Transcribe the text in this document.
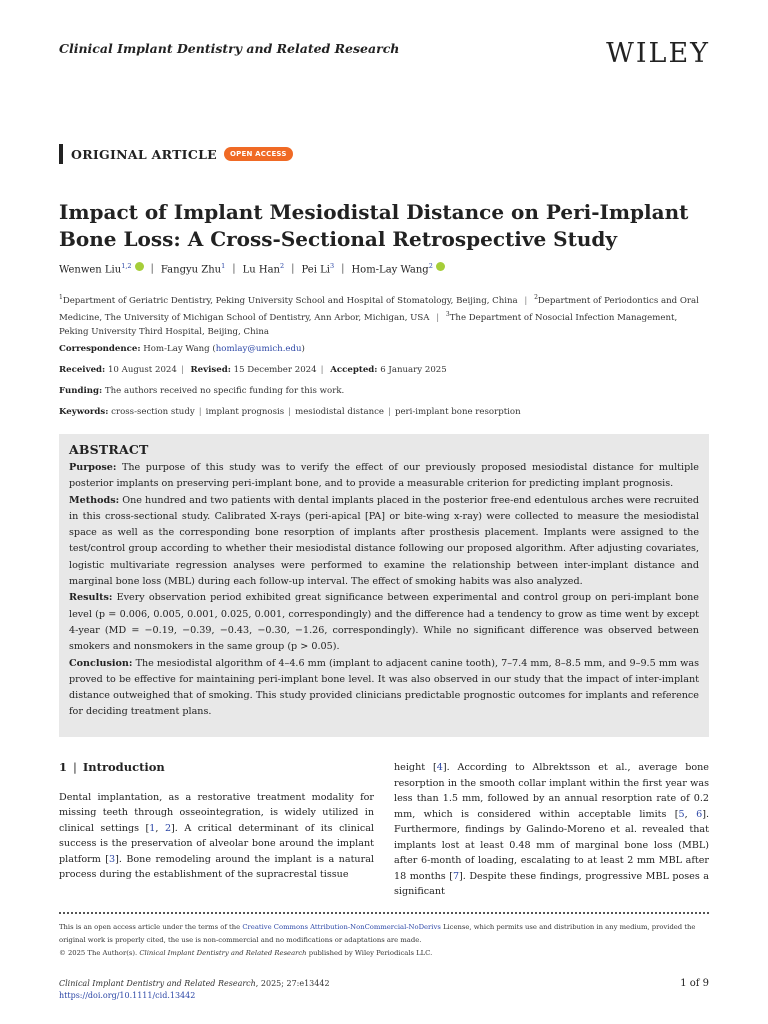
Clinical Implant Dentistry and Related Research	WILEY
ORIGINAL ARTICLE	OPEN ACCESS
Impact of Implant Mesiodistal Distance on Peri-Implant Bone Loss: A Cross-Sectional Retrospective Study
Wenwen Liu$^{1,2}$	| Fangyu Zhu$^1$ | Lu Han$^2$ | Pei Li$^3$ | Hom-Lay Wang$^2$
$^1$Department of Geriatric Dentistry, Peking University School and Hospital of Stomatology, Beijing, China | $^2$Department of Periodontics and Oral Medicine, The University of Michigan School of Dentistry, Ann Arbor, Michigan, USA | $^3$The Department of Nosocial Infection Management, Peking University Third Hospital, Beijing, China
Correspondence: Hom-Lay Wang (homlay@umich.edu)
Received: 10 August 2024 | Revised: 15 December 2024 | Accepted: 6 January 2025
Funding: The authors received no specific funding for this work.
Keywords: cross-section study | implant prognosis | mesiodistal distance | peri-implant bone resorption
ABSTRACT

Purpose: The purpose of this study was to verify the effect of our previously proposed mesiodistal distance for multiple posterior implants on preserving peri-implant bone, and to provide a measurable criterion for predicting implant prognosis.

Methods: One hundred and two patients with dental implants placed in the posterior free-end edentulous arches were recruited in this cross-sectional study. Calibrated X-rays (peri-apical [PA] or bite-wing x-ray) were collected to measure the mesiodistal space as well as the corresponding bone resorption of implants after prosthesis placement. Implants were assigned to the test/control group according to whether their mesiodistal distance following our proposed algorithm. After adjusting covariates, logistic multivariate regression analyses were performed to examine the relationship between inter-implant distance and marginal bone loss (MBL) during each follow-up interval. The effect of smoking habits was also analyzed.

Results: Every observation period exhibited great significance between experimental and control group on peri-implant bone level (p = 0.006, 0.005, 0.001, 0.025, 0.001, correspondingly) and the difference had a tendency to grow as time went by except 4-year (MD = −0.19, −0.39, −0.43, −0.30, −1.26, correspondingly). While no significant difference was observed between smokers and nonsmokers in the same group (p > 0.05).

Conclusion: The mesiodistal algorithm of 4–4.6 mm (implant to adjacent canine tooth), 7–7.4 mm, 8–8.5 mm, and 9–9.5 mm was proved to be effective for maintaining peri-implant bone level. It was also observed in our study that the impact of inter-implant distance outweighed that of smoking. This study provided clinicians predictable prognostic outcomes for implants and reference for deciding treatment plans.

1 | Introduction

Dental implantation, as a restorative treatment modality for missing teeth through osseointegration, is widely utilized in clinical settings [1, 2]. A critical determinant of its clinical success is the preservation of alveolar bone around the implant platform [3]. Bone remodeling around the implant is a natural process during the establishment of the supracrestal tissue

height [4]. According to Albrektsson et al., average bone resorption in the smooth collar implant within the first year was less than 1.5 mm, followed by an annual resorption rate of 0.2 mm, which is considered within acceptable limits [5, 6]. Furthermore, findings by Galindo-Moreno et al. revealed that implants lost at least 0.48 mm of marginal bone loss (MBL) after 6-month of loading, escalating to at least 2 mm MBL after 18 months [7]. Despite these findings, progressive MBL poses a significant

This is an open access article under the terms of the Creative Commons Attribution-NonCommercial-NoDerivs License, which permits use and distribution in any medium, provided the original work is properly cited, the use is non-commercial and no modifications or adaptations are made.
© 2025 The Author(s). Clinical Implant Dentistry and Related Research published by Wiley Periodicals LLC.
Clinical Implant Dentistry and Related Research, 2025; 27:e13442
https://doi.org/10.1111/cid.13442
1 of 9
